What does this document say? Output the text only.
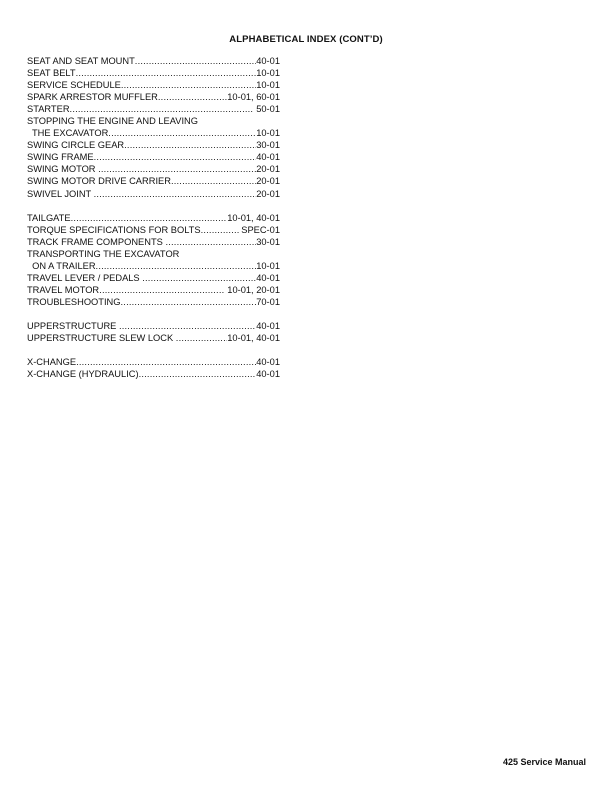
ALPHABETICAL INDEX (CONT’D)
SEAT AND SEAT MOUNT .....	40-01
SEAT BELT .....	10-01
SERVICE SCHEDULE .....	10-01
SPARK ARRESTOR MUFFLER .....	10-01, 60-01
STARTER .....	50-01
STOPPING THE ENGINE AND LEAVING
THE EXCAVATOR .....	10-01
SWING CIRCLE GEAR .....	30-01
SWING FRAME .....	40-01
SWING MOTOR .....	20-01
SWING MOTOR DRIVE CARRIER .....	20-01
SWIVEL JOINT .....	20-01
TAILGATE .....	10-01, 40-01
TORQUE SPECIFICATIONS FOR BOLTS .....	SPEC-01
TRACK FRAME COMPONENTS .....	30-01
TRANSPORTING THE EXCAVATOR
ON A TRAILER .....	10-01
TRAVEL LEVER / PEDALS .....	40-01
TRAVEL MOTOR .....	10-01, 20-01
TROUBLESHOOTING .....	70-01
UPPERSTRUCTURE .....	40-01
UPPERSTRUCTURE SLEW LOCK .....	10-01, 40-01
X-CHANGE .....	40-01
X-CHANGE (HYDRAULIC) .....	40-01
425 Service Manual
